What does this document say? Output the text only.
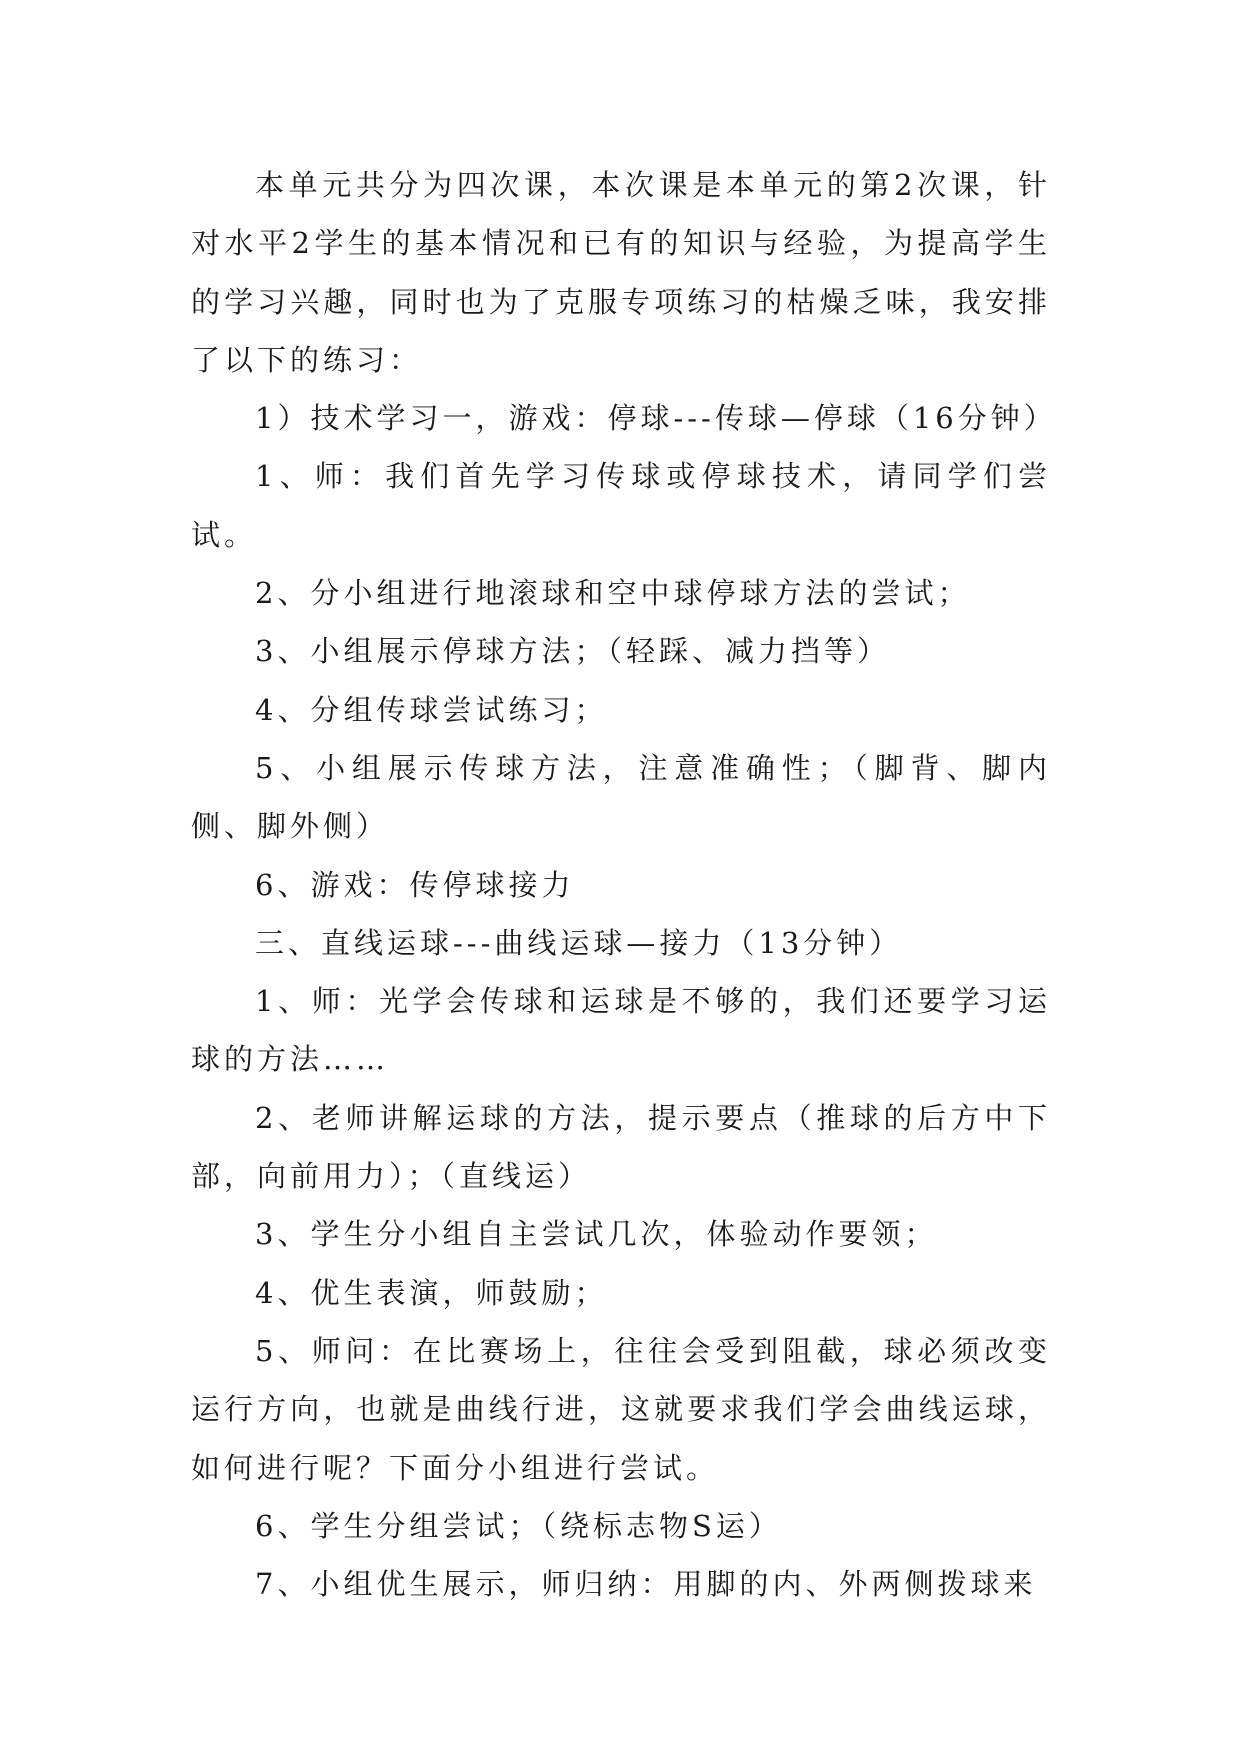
本单元共分为四次课，本次课是本单元的第2次课，针对水平2学生的基本情况和已有的知识与经验，为提高学生的学习兴趣，同时也为了克服专项练习的枯燥乏味，我安排了以下的练习：

1）技术学习一，游戏：停球---传球—停球（16分钟）

1、师：我们首先学习传球或停球技术，请同学们尝试。

2、分小组进行地滚球和空中球停球方法的尝试；

3、小组展示停球方法；（轻踩、减力挡等）

4、分组传球尝试练习；

5、小组展示传球方法，注意准确性；（脚背、脚内侧、脚外侧）

6、游戏：传停球接力

三、直线运球---曲线运球—接力（13分钟）

1、师：光学会传球和运球是不够的，我们还要学习运球的方法……

2、老师讲解运球的方法，提示要点（推球的后方中下部，向前用力）；（直线运）

3、学生分小组自主尝试几次，体验动作要领；

4、优生表演，师鼓励；

5、师问：在比赛场上，往往会受到阻截，球必须改变运行方向，也就是曲线行进，这就要求我们学会曲线运球，如何进行呢？下面分小组进行尝试。

6、学生分组尝试；（绕标志物S运）

7、小组优生展示，师归纳：用脚的内、外两侧拨球来
